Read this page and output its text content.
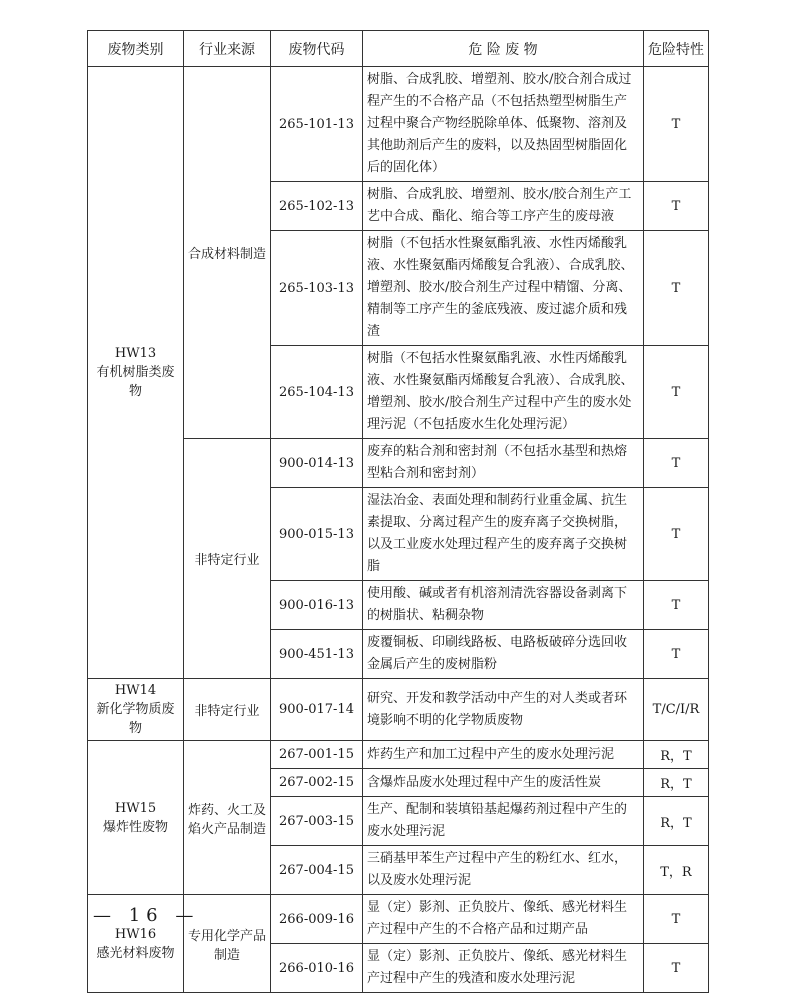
废物类别	行业来源	废物代码	危 险 废 物	危险特性

HW13
有机树脂类废物	合成材料制造	265-101-13	树脂、合成乳胶、增塑剂、胶水/胶合剂合成过程产生的不合格产品（不包括热塑型树脂生产过程中聚合产物经脱除单体、低聚物、溶剂及其他助剂后产生的废料，以及热固型树脂固化后的固化体）	T
		265-102-13	树脂、合成乳胶、增塑剂、胶水/胶合剂生产工艺中合成、酯化、缩合等工序产生的废母液	T
		265-103-13	树脂（不包括水性聚氨酯乳液、水性丙烯酸乳液、水性聚氨酯丙烯酸复合乳液）、合成乳胶、增塑剂、胶水/胶合剂生产过程中精馏、分离、精制等工序产生的釜底残液、废过滤介质和残渣	T
		265-104-13	树脂（不包括水性聚氨酯乳液、水性丙烯酸乳液、水性聚氨酯丙烯酸复合乳液）、合成乳胶、增塑剂、胶水/胶合剂生产过程中产生的废水处理污泥（不包括废水生化处理污泥）	T
	非特定行业	900-014-13	废弃的粘合剂和密封剂（不包括水基型和热熔型粘合剂和密封剂）	T
		900-015-13	湿法冶金、表面处理和制药行业重金属、抗生素提取、分离过程产生的废弃离子交换树脂，以及工业废水处理过程产生的废弃离子交换树脂	T
		900-016-13	使用酸、碱或者有机溶剂清洗容器设备剥离下的树脂状、粘稠杂物	T
		900-451-13	废覆铜板、印刷线路板、电路板破碎分选回收金属后产生的废树脂粉	T

HW14
新化学物质废物	非特定行业	900-017-14	研究、开发和教学活动中产生的对人类或者环境影响不明的化学物质废物	T/C/I/R

HW15
爆炸性废物	炸药、火工及焰火产品制造	267-001-15	炸药生产和加工过程中产生的废水处理污泥	R，T
		267-002-15	含爆炸品废水处理过程中产生的废活性炭	R，T
		267-003-15	生产、配制和装填铅基起爆药剂过程中产生的废水处理污泥	R，T
		267-004-15	三硝基甲苯生产过程中产生的粉红水、红水，以及废水处理污泥	T，R

HW16
感光材料废物	专用化学产品制造	266-009-16	显（定）影剂、正负胶片、像纸、感光材料生产过程中产生的不合格产品和过期产品	T
		266-010-16	显（定）影剂、正负胶片、像纸、感光材料生产过程中产生的残渣和废水处理污泥	T
— 16 —
